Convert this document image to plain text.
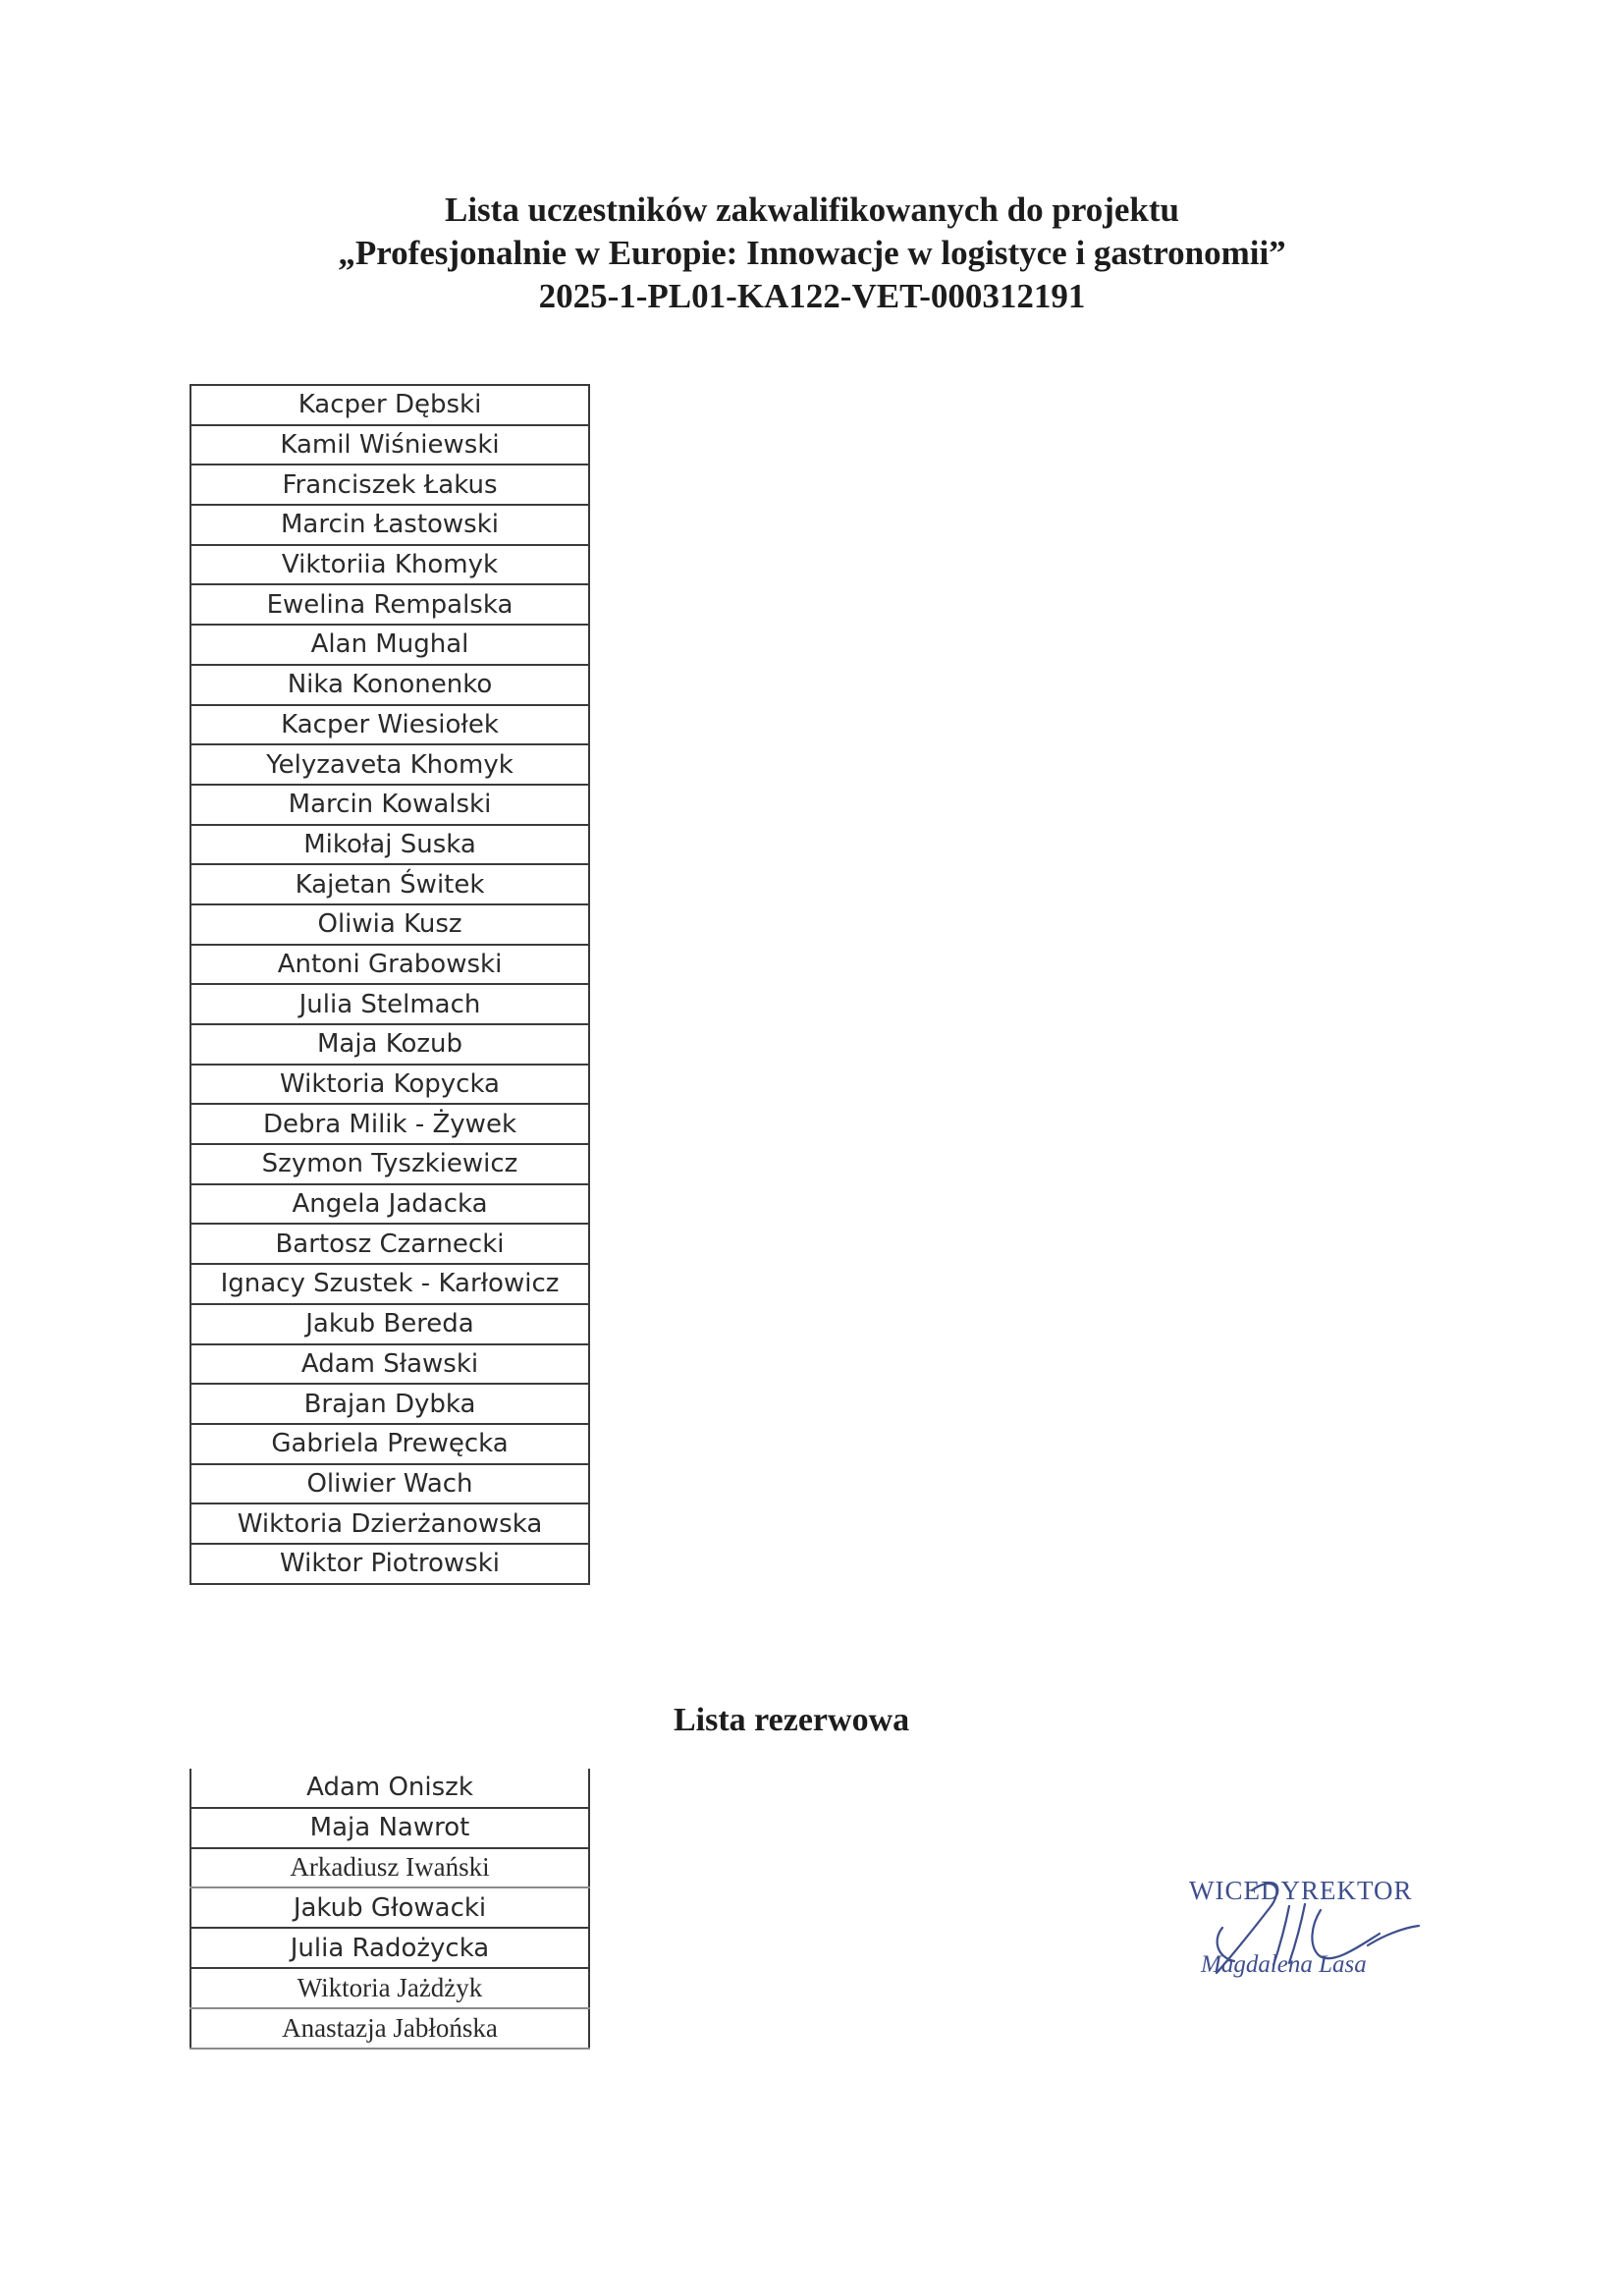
Lista uczestników zakwalifikowanych do projektu
„Profesjonalnie w Europie: Innowacje w logistyce i gastronomii”
2025-1-PL01-KA122-VET-000312191
Kacper Dębski
Kamil Wiśniewski
Franciszek Łakus
Marcin Łastowski
Viktoriia Khomyk
Ewelina Rempalska
Alan Mughal
Nika Kononenko
Kacper Wiesiołek
Yelyzaveta Khomyk
Marcin Kowalski
Mikołaj Suska
Kajetan Świtek
Oliwia Kusz
Antoni Grabowski
Julia Stelmach
Maja Kozub
Wiktoria Kopycka
Debra Milik - Żywek
Szymon Tyszkiewicz
Angela Jadacka
Bartosz Czarnecki
Ignacy Szustek - Karłowicz
Jakub Bereda
Adam Sławski
Brajan Dybka
Gabriela Prewęcka
Oliwier Wach
Wiktoria Dzierżanowska
Wiktor Piotrowski
Lista rezerwowa
Adam Oniszk
Maja Nawrot
Arkadiusz Iwański
Jakub Głowacki
Julia Radożycka
Wiktoria Jażdżyk
Anastazja Jabłońska
WICEDYREKTOR
Magdalena Lasa
